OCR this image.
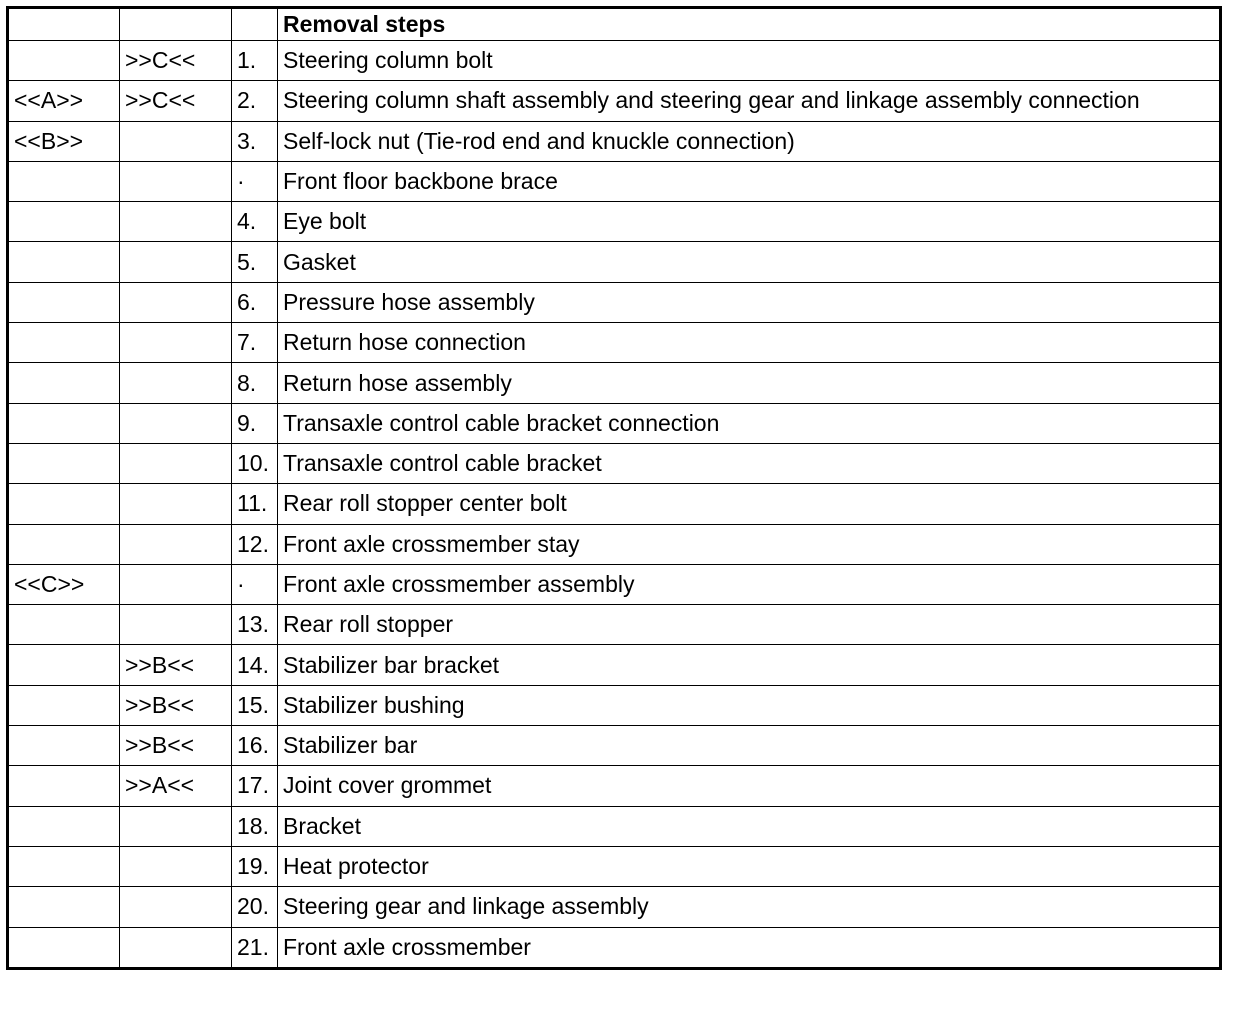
			Removal steps
	>>C<<	1.	Steering column bolt
<<A>>	>>C<<	2.	Steering column shaft assembly and steering gear and linkage assembly connection
<<B>>		3.	Self-lock nut (Tie-rod end and knuckle connection)
		·	Front floor backbone brace
		4.	Eye bolt
		5.	Gasket
		6.	Pressure hose assembly
		7.	Return hose connection
		8.	Return hose assembly
		9.	Transaxle control cable bracket connection
		10.	Transaxle control cable bracket
		11.	Rear roll stopper center bolt
		12.	Front axle crossmember stay
<<C>>		·	Front axle crossmember assembly
		13.	Rear roll stopper
	>>B<<	14.	Stabilizer bar bracket
	>>B<<	15.	Stabilizer bushing
	>>B<<	16.	Stabilizer bar
	>>A<<	17.	Joint cover grommet
		18.	Bracket
		19.	Heat protector
		20.	Steering gear and linkage assembly
		21.	Front axle crossmember
